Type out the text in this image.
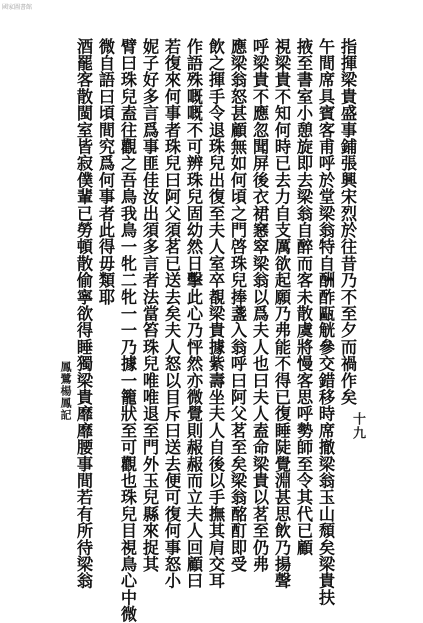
國家圖書館
指揮梁貴盛事鋪張興宋烈於往昔乃不至夕而禍作矣
午間席具賓客甫呼於堂梁翁特自酬酢甌觥參交錯移時席撤梁翁玉山頹矣梁貴扶
掖至書室小憩旋即去梁翁自醉而客未散虞將慢客思呼勢師至令其代已顧
視梁貴不知何時已去力自支厲欲起願乃弗能不得已復睡陡覺淵甚思飲乃揚聲
呼梁貴不應忽聞屏後衣裙窸窣梁翁以爲夫人也曰夫人盍命梁貴以茗至仍弗
應梁翁怒甚顧無如何頃之門啓珠兒捧盞入翁呼曰阿父茗至矣梁翁酩酊即受
飲之揮手令退珠兒出復至夫人室卒覩梁貴據紫壽坐夫人自後以手撫其肩交耳
作語殊嘅嘅不可辨珠兒固幼然日擊此心乃怦然亦微覺則赧赧而立夫人回顧曰
若復來何事者珠兒曰阿父須茗已送去矣夫人怒以目斥曰送去便可復何事怒小
妮子好多言爲事匪佳汝出須多言者法當笞珠兒唯唯退至門外玉兒縣來捉其
臂曰珠兒盍往觀之吾鳥我鳥一牝二牝一一乃據一籠狀至可觀也珠兒目視鳥心中微
微自語曰頃間究爲何事者此得毋類耶
酒罷客散閩室皆寂僕輩已勞頓散偷寧欲得睡獨梁貴靡靡腰事間若有所待梁翁
鳳鷺楊鳳記
十九
